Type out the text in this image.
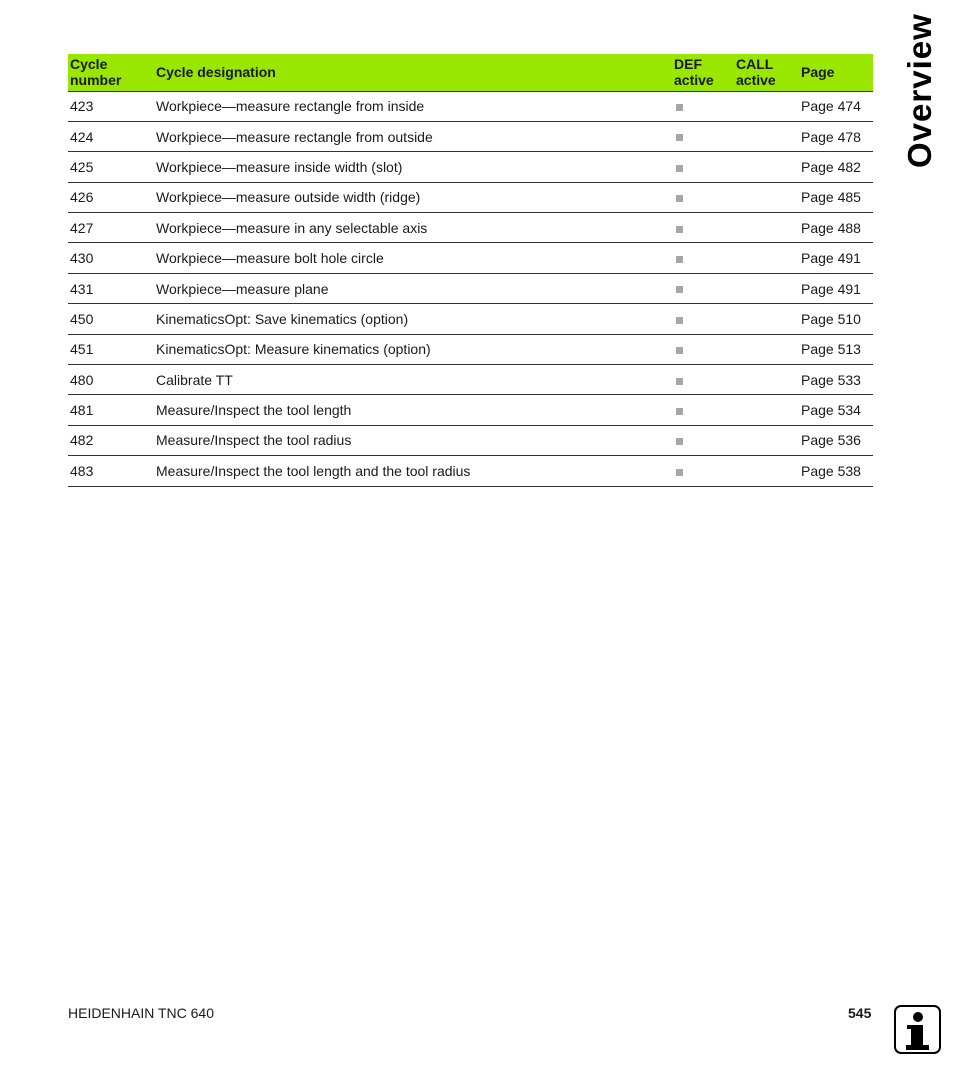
Overview
Cycle number	Cycle designation	DEF active	CALL active	Page
423	Workpiece—measure rectangle from inside			Page 474
424	Workpiece—measure rectangle from outside			Page 478
425	Workpiece—measure inside width (slot)			Page 482
426	Workpiece—measure outside width (ridge)			Page 485
427	Workpiece—measure in any selectable axis			Page 488
430	Workpiece—measure bolt hole circle			Page 491
431	Workpiece—measure plane			Page 491
450	KinematicsOpt: Save kinematics (option)			Page 510
451	KinematicsOpt: Measure kinematics (option)			Page 513
480	Calibrate TT			Page 533
481	Measure/Inspect the tool length			Page 534
482	Measure/Inspect the tool radius			Page 536
483	Measure/Inspect the tool length and the tool radius			Page 538
HEIDENHAIN TNC 640	545
